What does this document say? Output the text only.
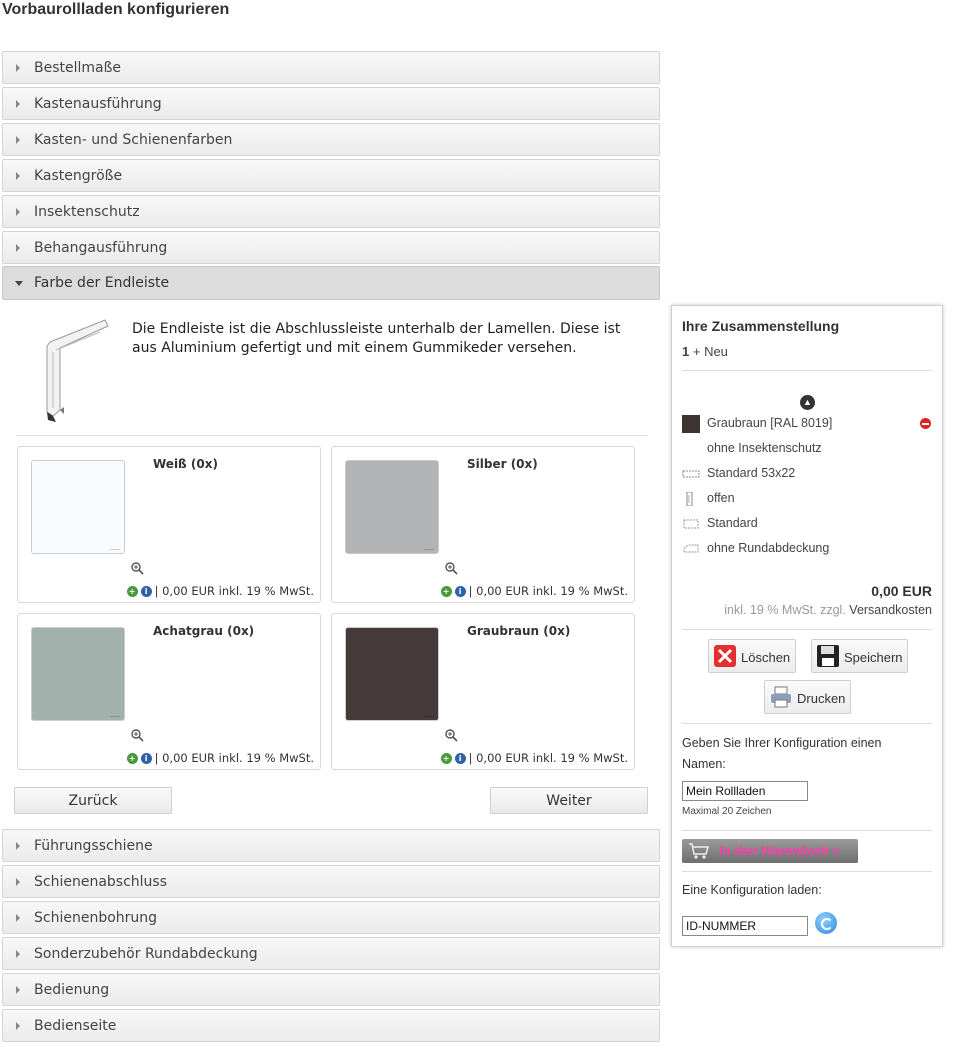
Vorbaurollladen konfigurieren
Bestellmaße
Kastenausführung
Kasten- und Schienenfarben
Kastengröße
Insektenschutz
Behangausführung
Farbe der Endleiste
Die Endleiste ist die Abschlussleiste unterhalb der Lamellen. Diese ist aus Aluminium gefertigt und mit einem Gummikeder versehen.
Weiß (0x)
+	i | 0,00 EUR inkl. 19 % MwSt.
Silber (0x)
+	i | 0,00 EUR inkl. 19 % MwSt.
Achatgrau (0x)
+	i | 0,00 EUR inkl. 19 % MwSt.
Graubraun (0x)
+	i | 0,00 EUR inkl. 19 % MwSt.
Zurück	Weiter
Führungsschiene
Schienenabschluss
Schienenbohrung
Sonderzubehör Rundabdeckung
Bedienung
Bedienseite
Ihre Zusammenstellung
1 + Neu
▲
Graubraun [RAL 8019]
ohne Insektenschutz
Standard 53x22
offen
Standard
ohne Rundabdeckung
0,00 EUR
inkl. 19 % MwSt. zzgl. Versandkosten
Löschen	Speichern
Drucken
Geben Sie Ihrer Konfiguration einen Namen:
Mein Rollladen
Maximal 20 Zeichen
In den Warenkorb »
Eine Konfiguration laden:
ID-NUMMER
